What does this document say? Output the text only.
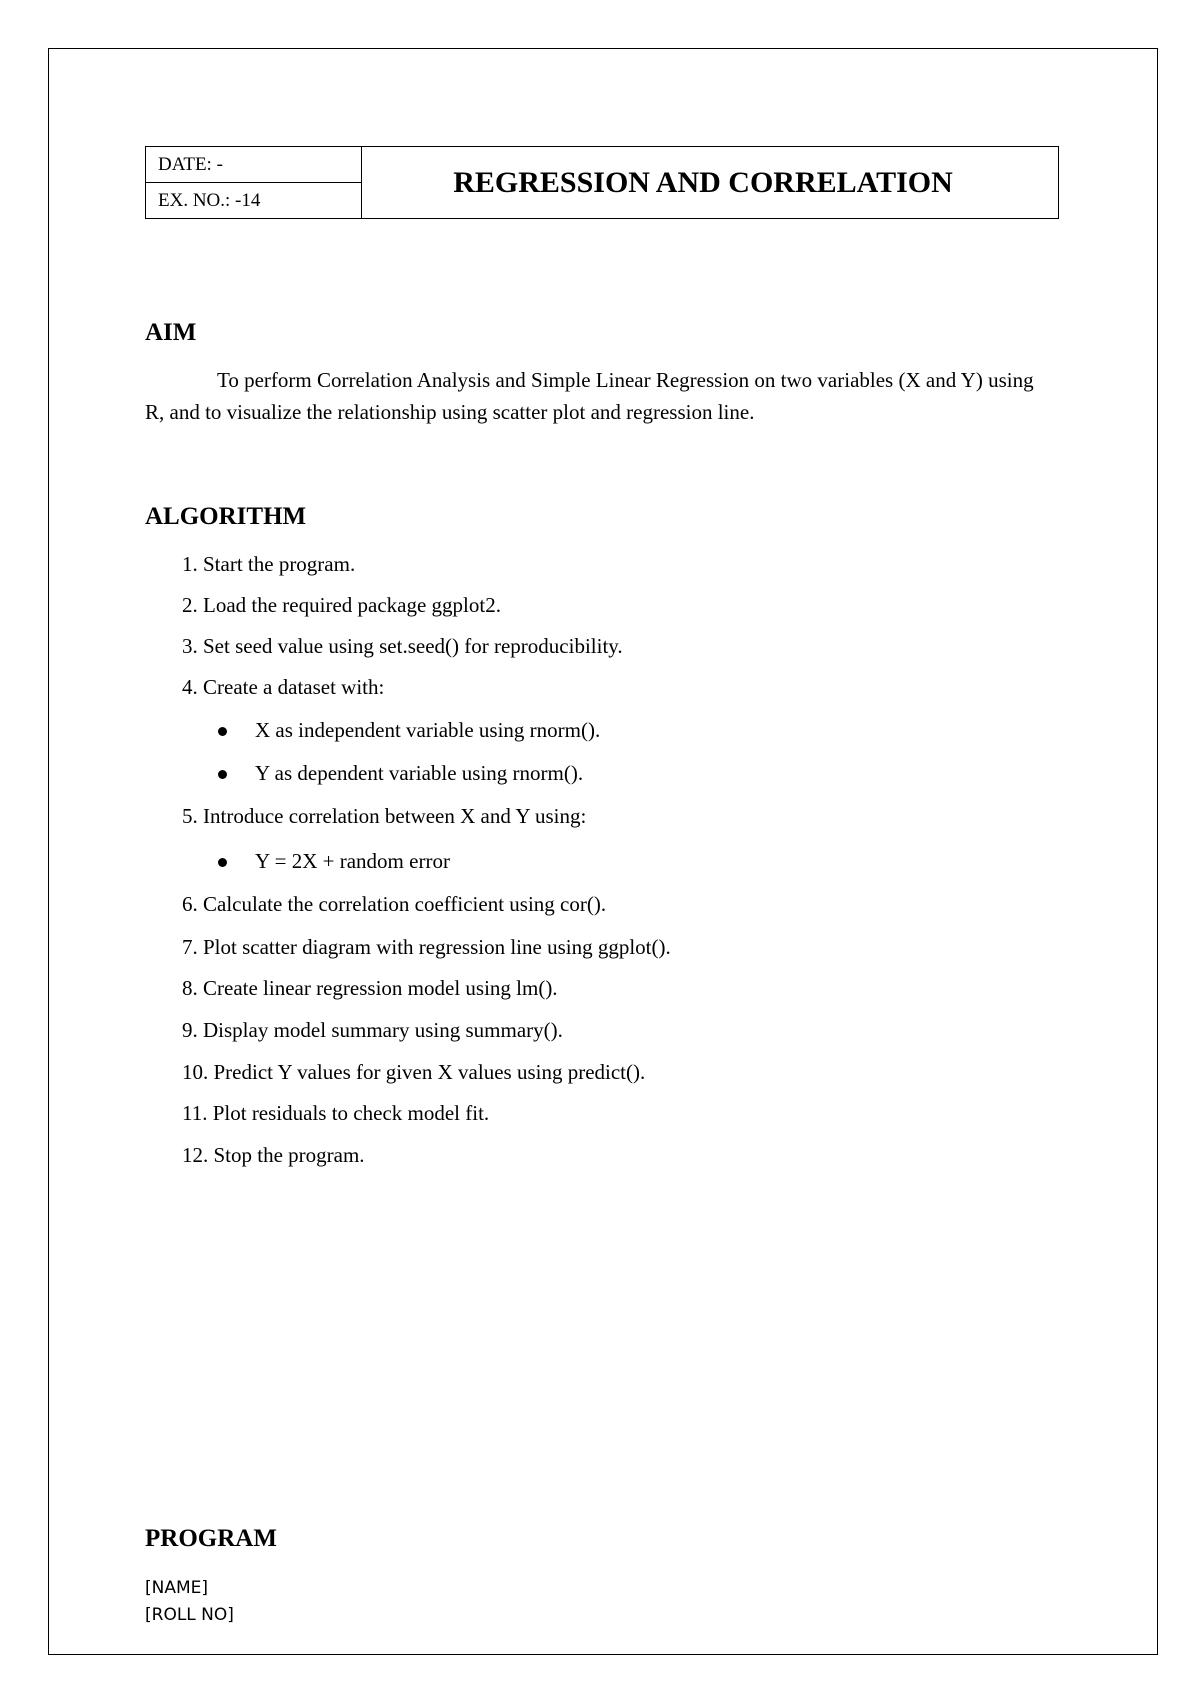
DATE: -
EX. NO.: -14
REGRESSION AND CORRELATION
AIM

To perform Correlation Analysis and Simple Linear Regression on two variables (X and Y) using R, and to visualize the relationship using scatter plot and regression line.

ALGORITHM

1. Start the program.

2. Load the required package ggplot2.

3. Set seed value using set.seed() for reproducibility.

4. Create a dataset with:

X as independent variable using rnorm().

Y as dependent variable using rnorm().

5. Introduce correlation between X and Y using:

Y = 2X + random error

6. Calculate the correlation coefficient using cor().

7. Plot scatter diagram with regression line using ggplot().

8. Create linear regression model using lm().

9. Display model summary using summary().

10. Predict Y values for given X values using predict().

11. Plot residuals to check model fit.

12. Stop the program.

PROGRAM

[NAME]

[ROLL NO]
